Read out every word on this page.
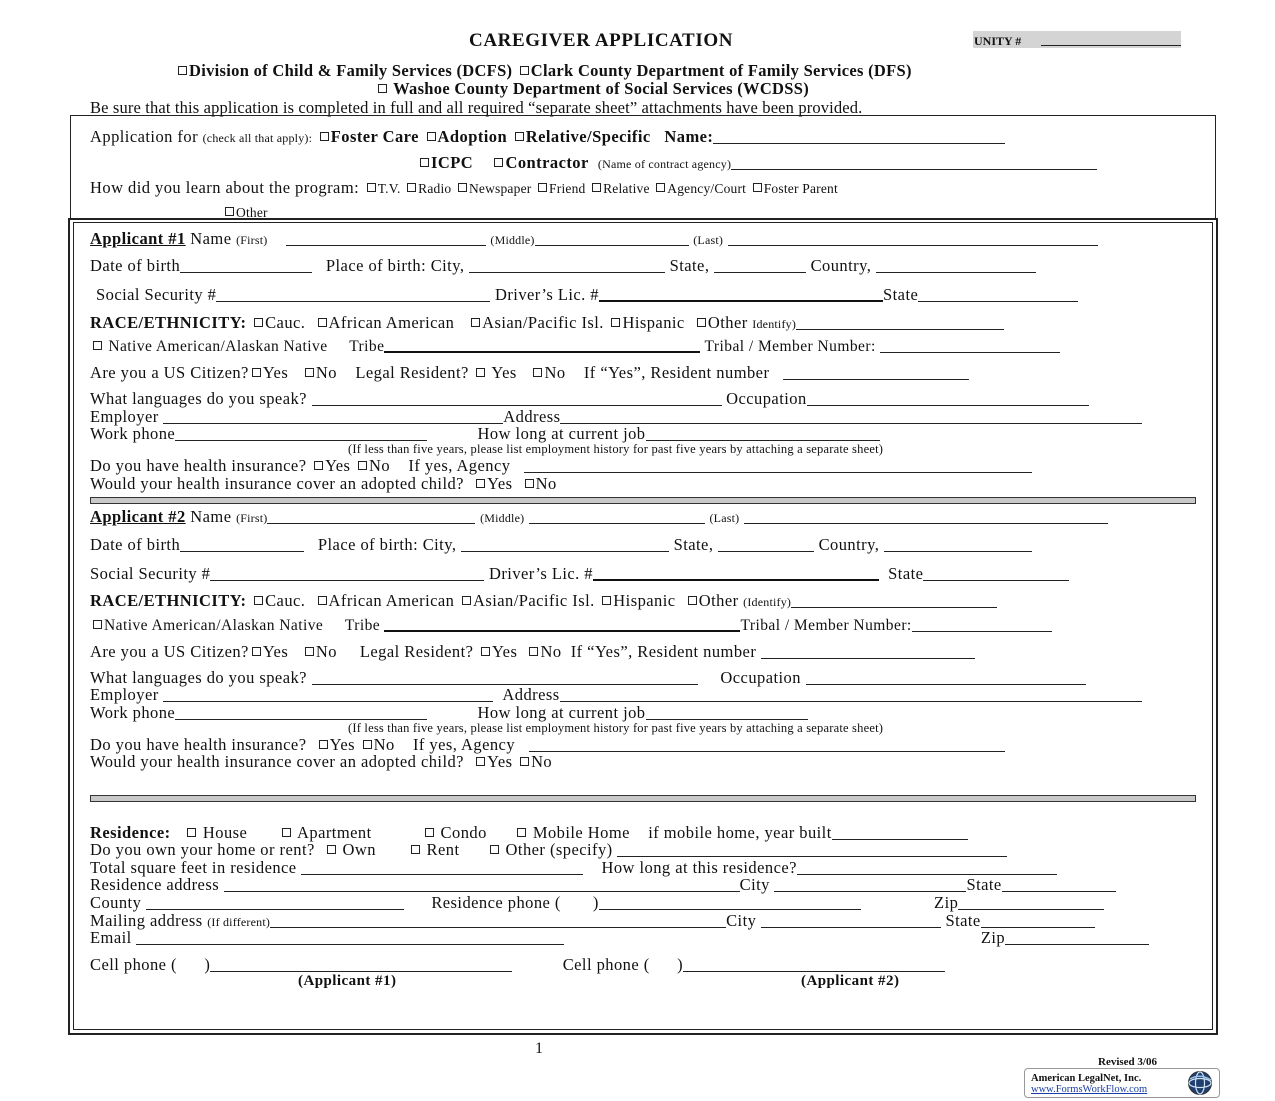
CAREGIVER APPLICATION	UNITY #
Division of Child & Family Services (DCFS) Clark County Department of Family Services (DFS)
Washoe County Department of Social Services (WCDSS)
Be sure that this application is completed in full and all required “separate sheet” attachments have been provided.
Application for (check all that apply): Foster Care Adoption Relative/Specific Name:
ICPC Contractor (Name of contract agency)
How did you learn about the program: T.V. Radio Newspaper Friend Relative Agency/Court Foster Parent
Other
Applicant #1 Name (First)	(Middle)	(Last)
Date of birth	Place of birth: City,	State,	Country,
Social Security #	Driver’s Lic. #	State
RACE/ETHNICITY: Cauc. African American Asian/Pacific Isl. Hispanic Other Identify)
Native American/Alaskan Native Tribe	Tribal / Member Number:
Are you a US Citizen? Yes No Legal Resident? Yes No If “Yes”, Resident number
What languages do you speak?	Occupation
Employer	Address
Work phone	How long at current job
(If less than five years, please list employment history for past five years by attaching a separate sheet)
Do you have health insurance? Yes No If yes, Agency
Would your health insurance cover an adopted child? Yes No
Applicant #2 Name (First)	(Middle)	(Last)
Date of birth	Place of birth: City,	State,	Country,
Social Security #	Driver’s Lic. #	State
RACE/ETHNICITY: Cauc. African American Asian/Pacific Isl. Hispanic Other (Identify)
Native American/Alaskan Native Tribe	Tribal / Member Number:
Are you a US Citizen? Yes No Legal Resident? Yes No If “Yes”, Resident number
What languages do you speak?	Occupation
Employer	Address
Work phone	How long at current job
(If less than five years, please list employment history for past five years by attaching a separate sheet)
Do you have health insurance? Yes No If yes, Agency
Would your health insurance cover an adopted child? Yes No
Residence: House	Apartment	Condo	Mobile Home if mobile home, year built
Do you own your home or rent? Own	Rent	Other (specify)
Total square feet in residence	How long at this residence?
Residence address	City	State
County	Residence phone (       )	Zip
Mailing address (If different)	City	State
Email	Zip
Cell phone (      )	Cell phone (      )
(Applicant #1)	(Applicant #2)
1
Revised 3/06
American LegalNet, Inc.
www.FormsWorkFlow.com
